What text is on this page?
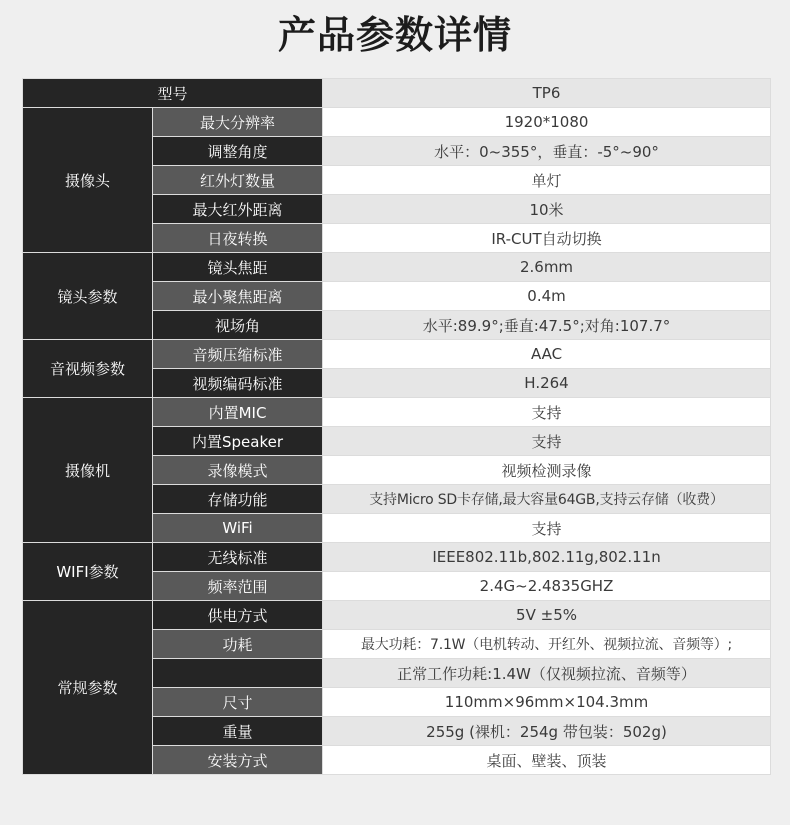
产品参数详情
型号		TP6
摄像头	最大分辨率	1920*1080
	调整角度	水平：0~355°，垂直：-5°~90°
	红外灯数量	单灯
	最大红外距离	10米
	日夜转换	IR-CUT自动切换
镜头参数	镜头焦距	2.6mm
	最小聚焦距离	0.4m
	视场角	水平:89.9°;垂直:47.5°;对角:107.7°
音视频参数	音频压缩标准	AAC
	视频编码标准	H.264
摄像机	内置MIC	支持
	内置Speaker	支持
	录像模式	视频检测录像
	存储功能	支持Micro SD卡存储,最大容量64GB,支持云存储（收费）
	WiFi	支持
WIFI参数	无线标准	IEEE802.11b,802.11g,802.11n
	频率范围	2.4G~2.4835GHZ
常规参数	供电方式	5V ±5%
	功耗	最大功耗：7.1W（电机转动、开红外、视频拉流、音频等）;
		正常工作功耗:1.4W（仅视频拉流、音频等）
	尺寸	110mm×96mm×104.3mm
	重量	255g (裸机：254g 带包装：502g)
	安装方式	桌面、壁装、顶装
